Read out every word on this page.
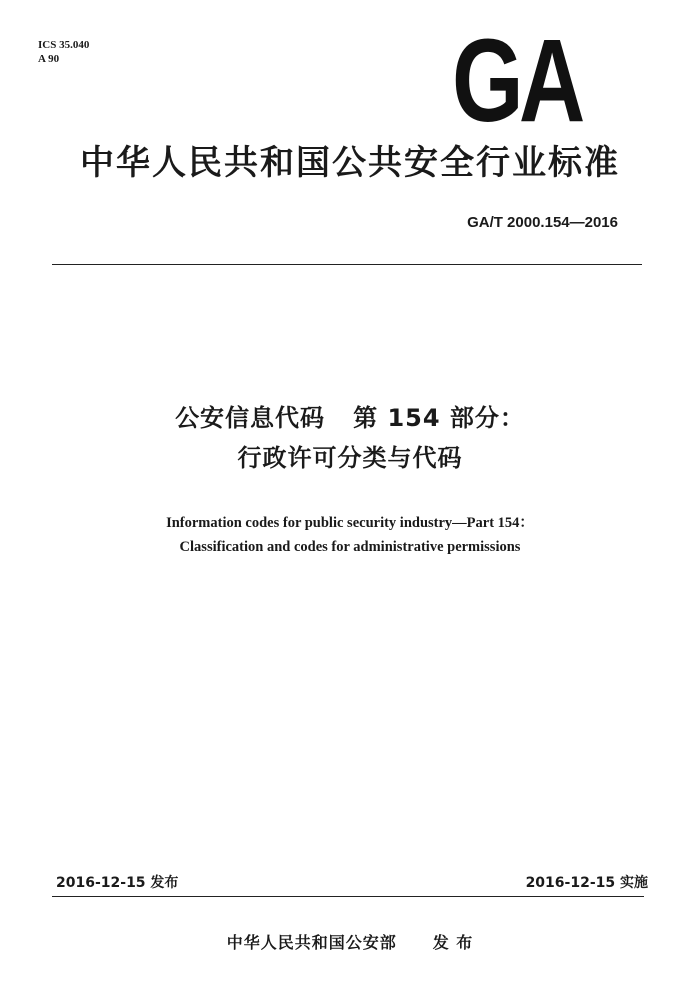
ICS 35.040
A 90	GA
中华人民共和国公共安全行业标准
GA/T 2000.154—2016
公安信息代码   第 154 部分：
行政许可分类与代码
Information codes for public security industry—Part 154：
Classification and codes for administrative permissions
2016-12-15 发布	2016-12-15 实施
中华人民共和国公安部 发 布
